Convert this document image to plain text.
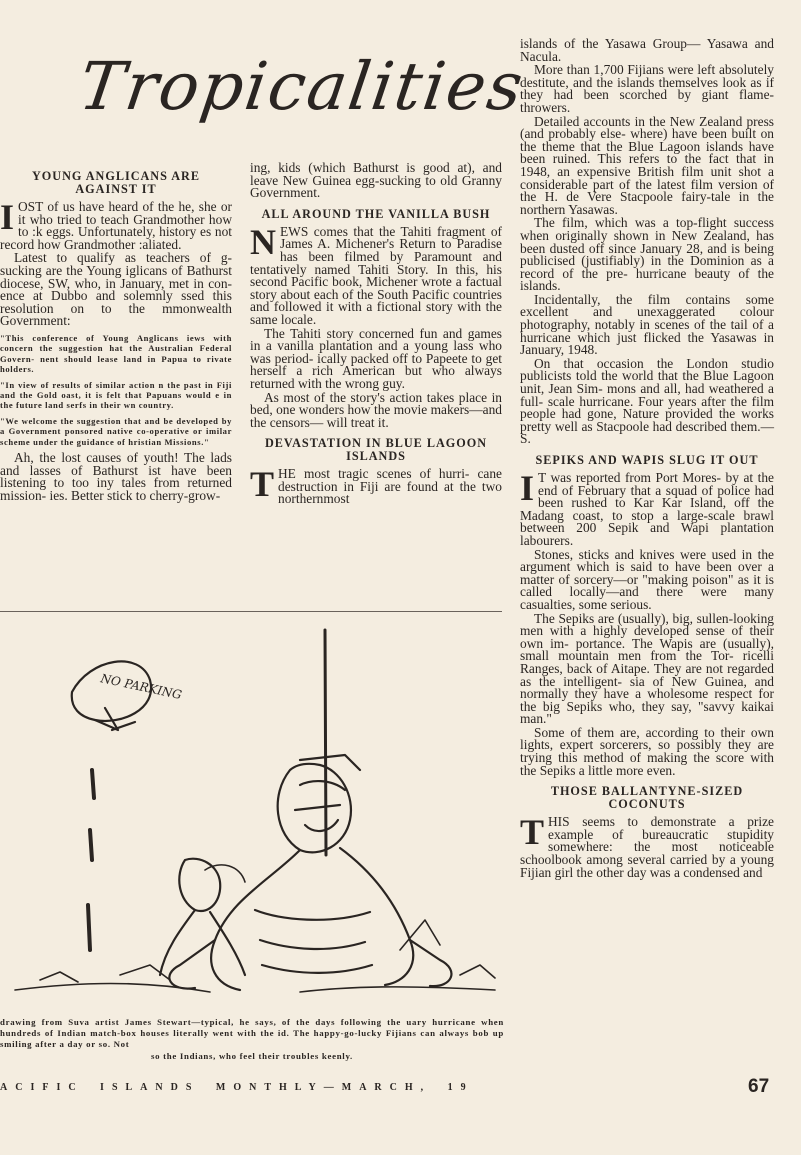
Tropicalities
YOUNG ANGLICANS ARE AGAINST IT

IOST of us have heard of the he, she or it who tried to teach Grandmother how to :k eggs. Unfortunately, history es not record how Grandmother :aliated.

Latest to qualify as teachers of g-sucking are the Young iglicans of Bathurst diocese, SW, who, in January, met in con- ence at Dubbo and solemnly ssed this resolution on to the mmonwealth Government:

"This conference of Young Anglicans iews with concern the suggestion hat the Australian Federal Govern- nent should lease land in Papua to rivate holders.

"In view of results of similar action n the past in Fiji and the Gold oast, it is felt that Papuans would e in the future land serfs in their wn country.

"We welcome the suggestion that and be developed by a Government ponsored native co-operative or imilar scheme under the guidance of hristian Missions."

Ah, the lost causes of youth! The lads and lasses of Bathurst ist have been listening to too iny tales from returned mission- ies. Better stick to cherry-grow-

ing, kids (which Bathurst is good at), and leave New Guinea egg-sucking to old Granny Government.

ALL AROUND THE VANILLA BUSH

NEWS comes that the Tahiti fragment of James A. Michener's Return to Paradise has been filmed by Paramount and tentatively named Tahiti Story. In this, his second Pacific book, Michener wrote a factual story about each of the South Pacific countries and followed it with a fictional story with the same locale.

The Tahiti story concerned fun and games in a vanilla plantation and a young lass who was period- ically packed off to Papeete to get herself a rich American but who always returned with the wrong guy.

As most of the story's action takes place in bed, one wonders how the movie makers—and the censors— will treat it.

DEVASTATION IN BLUE LAGOON ISLANDS

THE most tragic scenes of hurri- cane destruction in Fiji are found at the two northernmost

islands of the Yasawa Group— Yasawa and Nacula.

More than 1,700 Fijians were left absolutely destitute, and the islands themselves look as if they had been scorched by giant flame-throwers.

Detailed accounts in the New Zealand press (and probably else- where) have been built on the theme that the Blue Lagoon islands have been ruined. This refers to the fact that in 1948, an expensive British film unit shot a considerable part of the latest film version of the H. de Vere Stacpoole fairy-tale in the northern Yasawas.

The film, which was a top-flight success when originally shown in New Zealand, has been dusted off since January 28, and is being publicised (justifiably) in the Dominion as a record of the pre- hurricane beauty of the islands.

Incidentally, the film contains some excellent and unexaggerated colour photography, notably in scenes of the tail of a hurricane which just flicked the Yasawas in January, 1948.

On that occasion the London studio publicists told the world that the Blue Lagoon unit, Jean Sim- mons and all, had weathered a full- scale hurricane. Four years after the film people had gone, Nature provided the works pretty well as Stacpoole had described them.—S.

SEPIKS AND WAPIS SLUG IT OUT

I T was reported from Port Mores- by at the end of February that a squad of police had been rushed to Kar Kar Island, off the Madang coast, to stop a large-scale brawl between 200 Sepik and Wapi plantation labourers.

Stones, sticks and knives were used in the argument which is said to have been over a matter of sorcery—or "making poison" as it is called locally—and there were many casualties, some serious.

The Sepiks are (usually), big, sullen-looking men with a highly developed sense of their own im- portance. The Wapis are (usually), small mountain men from the Tor- ricelli Ranges, back of Aitape. They are not regarded as the intelligent- sia of New Guinea, and normally they have a wholesome respect for the big Sepiks who, they say, "savvy kaikai man."

Some of them are, according to their own lights, expert sorcerers, so possibly they are trying this method of making the score with the Sepiks a little more even.

THOSE BALLANTYNE-SIZED COCONUTS

THIS seems to demonstrate a prize example of bureaucratic stupidity somewhere: the most noticeable schoolbook among several carried by a young Fijian girl the other day was a condensed and

NO PARKING
drawing from Suva artist James Stewart—typical, he says, of the days following the uary hurricane when hundreds of Indian match-box houses literally went with the id. The happy-go-lucky Fijians can always bob up smiling after a day or so. Not
so the Indians, who feel their troubles keenly.
ACIFIC ISLANDS MONTHLY—MARCH, 19	67
